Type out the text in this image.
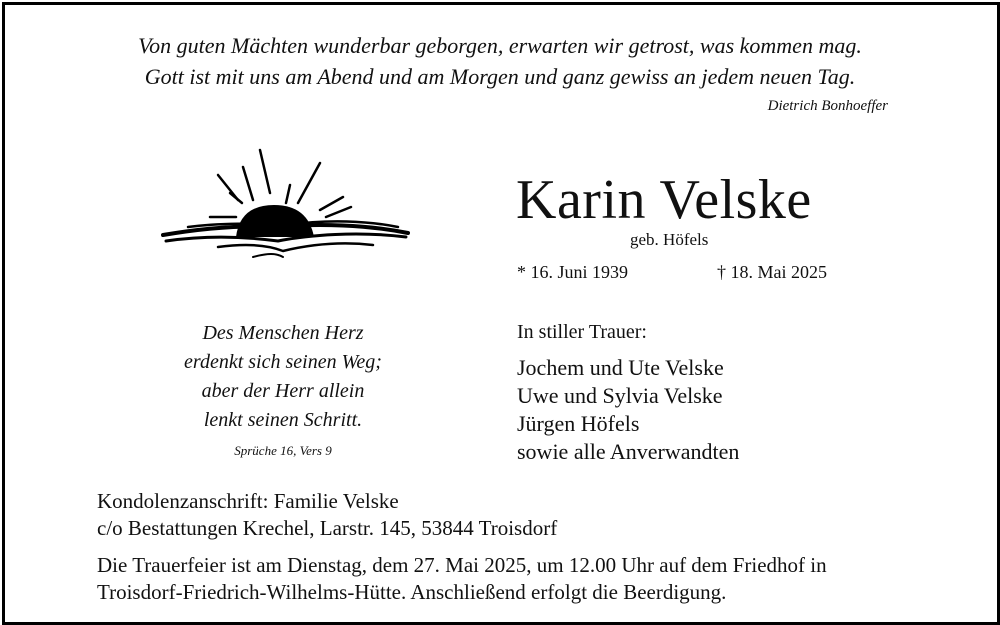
Von guten Mächten wunderbar geborgen, erwarten wir getrost, was kommen mag.
Gott ist mit uns am Abend und am Morgen und ganz gewiss an jedem neuen Tag.
Dietrich Bonhoeffer
Karin Velske
geb. Höfels
* 16. Juni 1939	† 18. Mai 2025
Des Menschen Herz
erdenkt sich seinen Weg;
aber der Herr allein
lenkt seinen Schritt.
Sprüche 16, Vers 9
In stiller Trauer:
Jochem und Ute Velske
Uwe und Sylvia Velske
Jürgen Höfels
sowie alle Anverwandten
Kondolenzanschrift: Familie Velske
c/o Bestattungen Krechel, Larstr. 145, 53844 Troisdorf
Die Trauerfeier ist am Dienstag, dem 27. Mai 2025, um 12.00 Uhr auf dem Friedhof in
Troisdorf-Friedrich-Wilhelms-Hütte. Anschließend erfolgt die Beerdigung.
